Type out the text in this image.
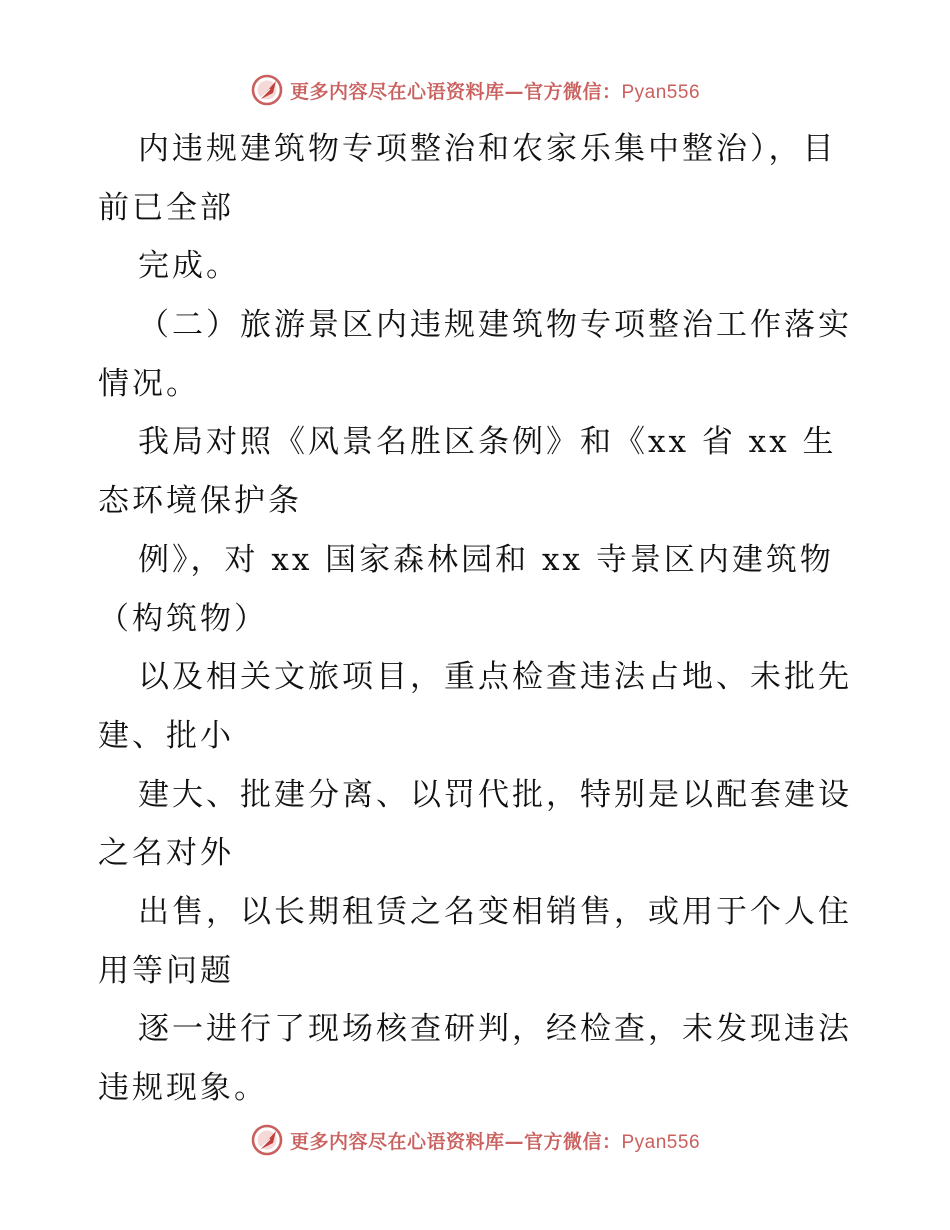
更多内容尽在心语资料库—官方微信：Pyan556
内违规建筑物专项整治和农家乐集中整治），目
前已全部
完成。
（二）旅游景区内违规建筑物专项整治工作落实
情况。
我局对照《风景名胜区条例》和《xx 省 xx 生
态环境保护条
例》，对 xx 国家森林园和 xx 寺景区内建筑物
（构筑物）
以及相关文旅项目，重点检查违法占地、未批先
建、批小
建大、批建分离、以罚代批，特别是以配套建设
之名对外
出售，以长期租赁之名变相销售，或用于个人住
用等问题
逐一进行了现场核查研判，经检查，未发现违法
违规现象。
更多内容尽在心语资料库—官方微信：Pyan556
